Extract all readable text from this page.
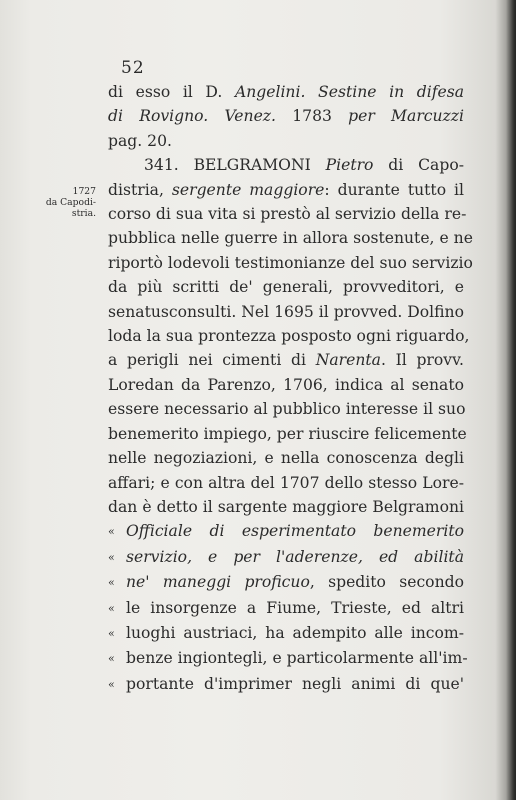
52
1727
da Capodi-
stria.
di esso il D. Angelini. Sestine in difesa
di Rovigno. Venez. 1783 per Marcuzzi
pag. 20.
341. BELGRAMONI Pietro di Capo-
distria, sergente maggiore: durante tutto il
corso di sua vita si prestò al servizio della re-
pubblica nelle guerre in allora sostenute, e ne
riportò lodevoli testimonianze del suo servizio
da più scritti de' generali, provveditori, e
senatusconsulti. Nel 1695 il provved. Dolfino
loda la sua prontezza posposto ogni riguardo,
a perigli nei cimenti di Narenta. Il provv.
Loredan da Parenzo, 1706, indica al senato
essere necessario al pubblico interesse il suo
benemerito impiego, per riuscire felicemente
nelle negoziazioni, e nella conoscenza degli
affari; e con altra del 1707 dello stesso Lore-
dan è detto il sargente maggiore Belgramoni
« Officiale di esperimentato benemerito
« servizio, e per l'aderenze, ed abilità
« ne' maneggi proficuo, spedito secondo
« le insorgenze a Fiume, Trieste, ed altri
« luoghi austriaci, ha adempito alle incom-
« benze ingiontegli, e particolarmente all'im-
« portante d'imprimer negli animi di que'
